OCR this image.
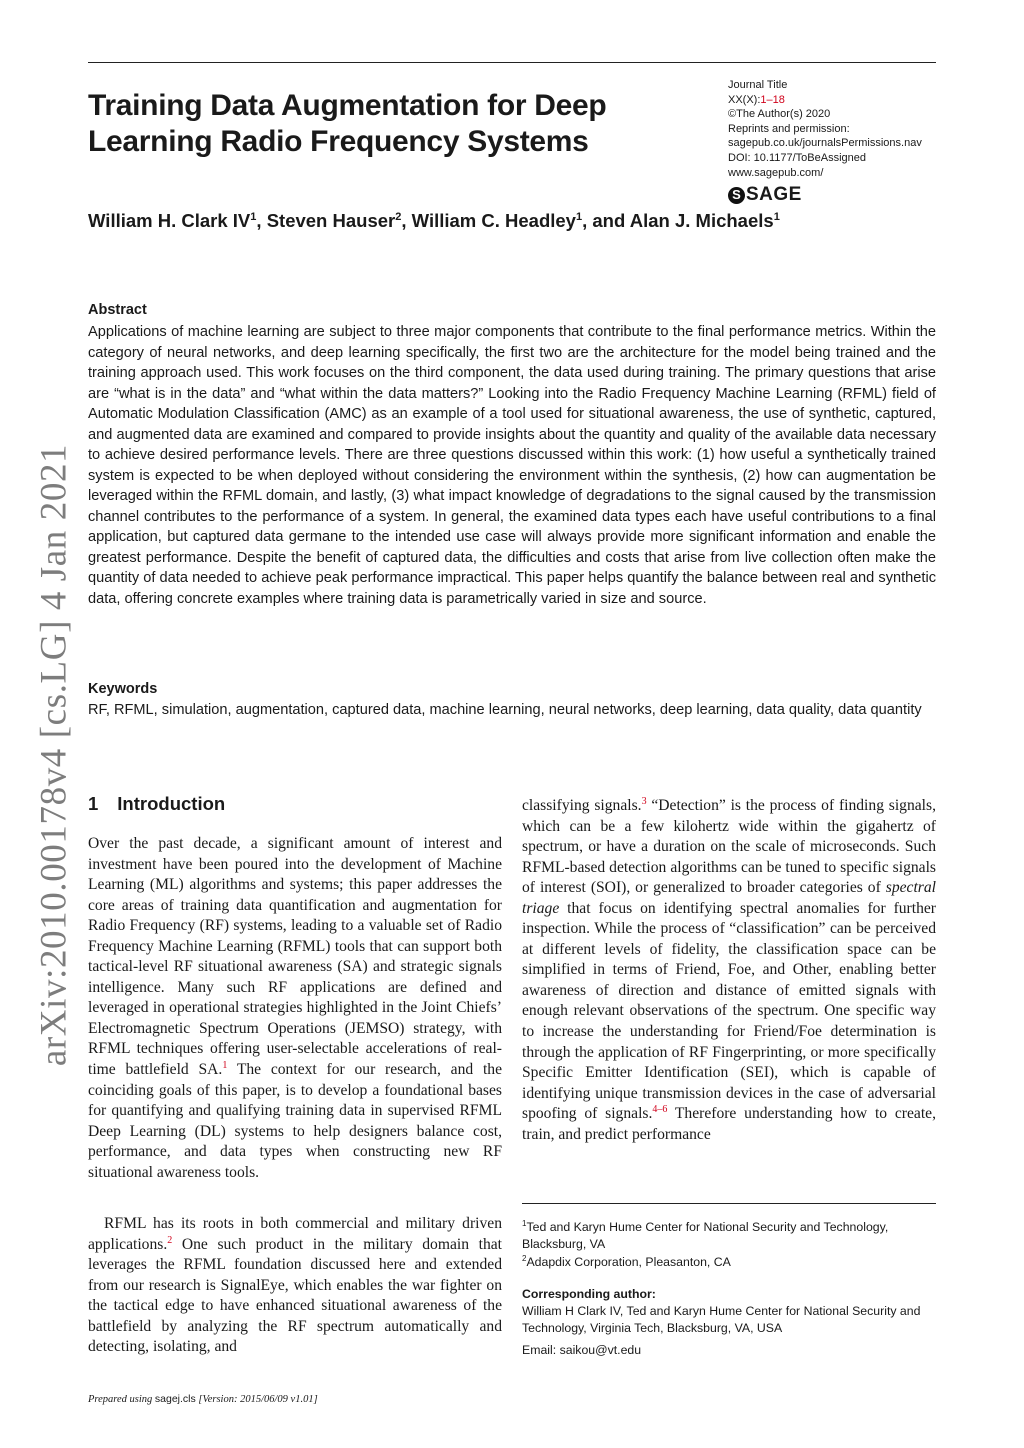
Training Data Augmentation for Deep Learning Radio Frequency Systems
Journal Title
XX(X):1–18
©The Author(s) 2020
Reprints and permission:
sagepub.co.uk/journalsPermissions.nav
DOI: 10.1177/ToBeAssigned
www.sagepub.com/
S SAGE
William H. Clark $IV^1$, Steven Hauser$^2$, William C. Headley$^1$, and Alan J. Michaels$^1$
Abstract
Applications of machine learning are subject to three major components that contribute to the final performance metrics. Within the category of neural networks, and deep learning specifically, the first two are the architecture for the model being trained and the training approach used. This work focuses on the third component, the data used during training. The primary questions that arise are “what is in the data” and “what within the data matters?” Looking into the Radio Frequency Machine Learning (RFML) field of Automatic Modulation Classification (AMC) as an example of a tool used for situational awareness, the use of synthetic, captured, and augmented data are examined and compared to provide insights about the quantity and quality of the available data necessary to achieve desired performance levels. There are three questions discussed within this work: (1) how useful a synthetically trained system is expected to be when deployed without considering the environment within the synthesis, (2) how can augmentation be leveraged within the RFML domain, and lastly, (3) what impact knowledge of degradations to the signal caused by the transmission channel contributes to the performance of a system. In general, the examined data types each have useful contributions to a final application, but captured data germane to the intended use case will always provide more significant information and enable the greatest performance. Despite the benefit of captured data, the difficulties and costs that arise from live collection often make the quantity of data needed to achieve peak performance impractical. This paper helps quantify the balance between real and synthetic data, offering concrete examples where training data is parametrically varied in size and source.
Keywords
RF, RFML, simulation, augmentation, captured data, machine learning, neural networks, deep learning, data quality, data quantity
arXiv:2010.00178v4 [cs.LG] 4 Jan 2021 1 Introduction
Over the past decade, a significant amount of interest and investment have been poured into the development of Machine Learning (ML) algorithms and systems; this paper addresses the core areas of training data quantification and augmentation for Radio Frequency (RF) systems, leading to a valuable set of Radio Frequency Machine Learning (RFML) tools that can support both tactical-level RF situational awareness (SA) and strategic signals intelligence. Many such RF applications are defined and leveraged in operational strategies highlighted in the Joint Chiefs’ Electromagnetic Spectrum Operations (JEMSO) strategy, with RFML techniques offering user-selectable accelerations of real-time battlefield SA.$^1$ The context for our research, and the coinciding goals of this paper, is to develop a foundational bases for quantifying and qualifying training data in supervised RFML Deep Learning (DL) systems to help designers balance cost, performance, and data types when constructing new RF situational awareness tools.
RFML has its roots in both commercial and military driven applications.$^2$ One such product in the military domain that leverages the RFML foundation discussed here and extended from our research is SignalEye, which enables the war fighter on the tactical edge to have enhanced situational awareness of the battlefield by analyzing the RF spectrum automatically and detecting, isolating, and
classifying signals.$^3$ “Detection” is the process of finding signals, which can be a few kilohertz wide within the gigahertz of spectrum, or have a duration on the scale of microseconds. Such RFML-based detection algorithms can be tuned to specific signals of interest (SOI), or generalized to broader categories of spectral triage that focus on identifying spectral anomalies for further inspection. While the process of “classification” can be perceived at different levels of fidelity, the classification space can be simplified in terms of Friend, Foe, and Other, enabling better awareness of direction and distance of emitted signals with enough relevant observations of the spectrum. One specific way to increase the understanding for Friend/Foe determination is through the application of RF Fingerprinting, or more specifically Specific Emitter Identification (SEI), which is capable of identifying unique transmission devices in the case of adversarial spoofing of signals.$^{4-6}$ Therefore understanding how to create, train, and predict performance
$^1$Ted and Karyn Hume Center for National Security and Technology, Blacksburg, VA
$^2$Adapdix Corporation, Pleasanton, CA
Corresponding author:
William H Clark IV, Ted and Karyn Hume Center for National Security and Technology, Virginia Tech, Blacksburg, VA, USA
Email: saikou@vt.edu
Prepared using sagej.cls [Version: 2015/06/09 v1.01]
